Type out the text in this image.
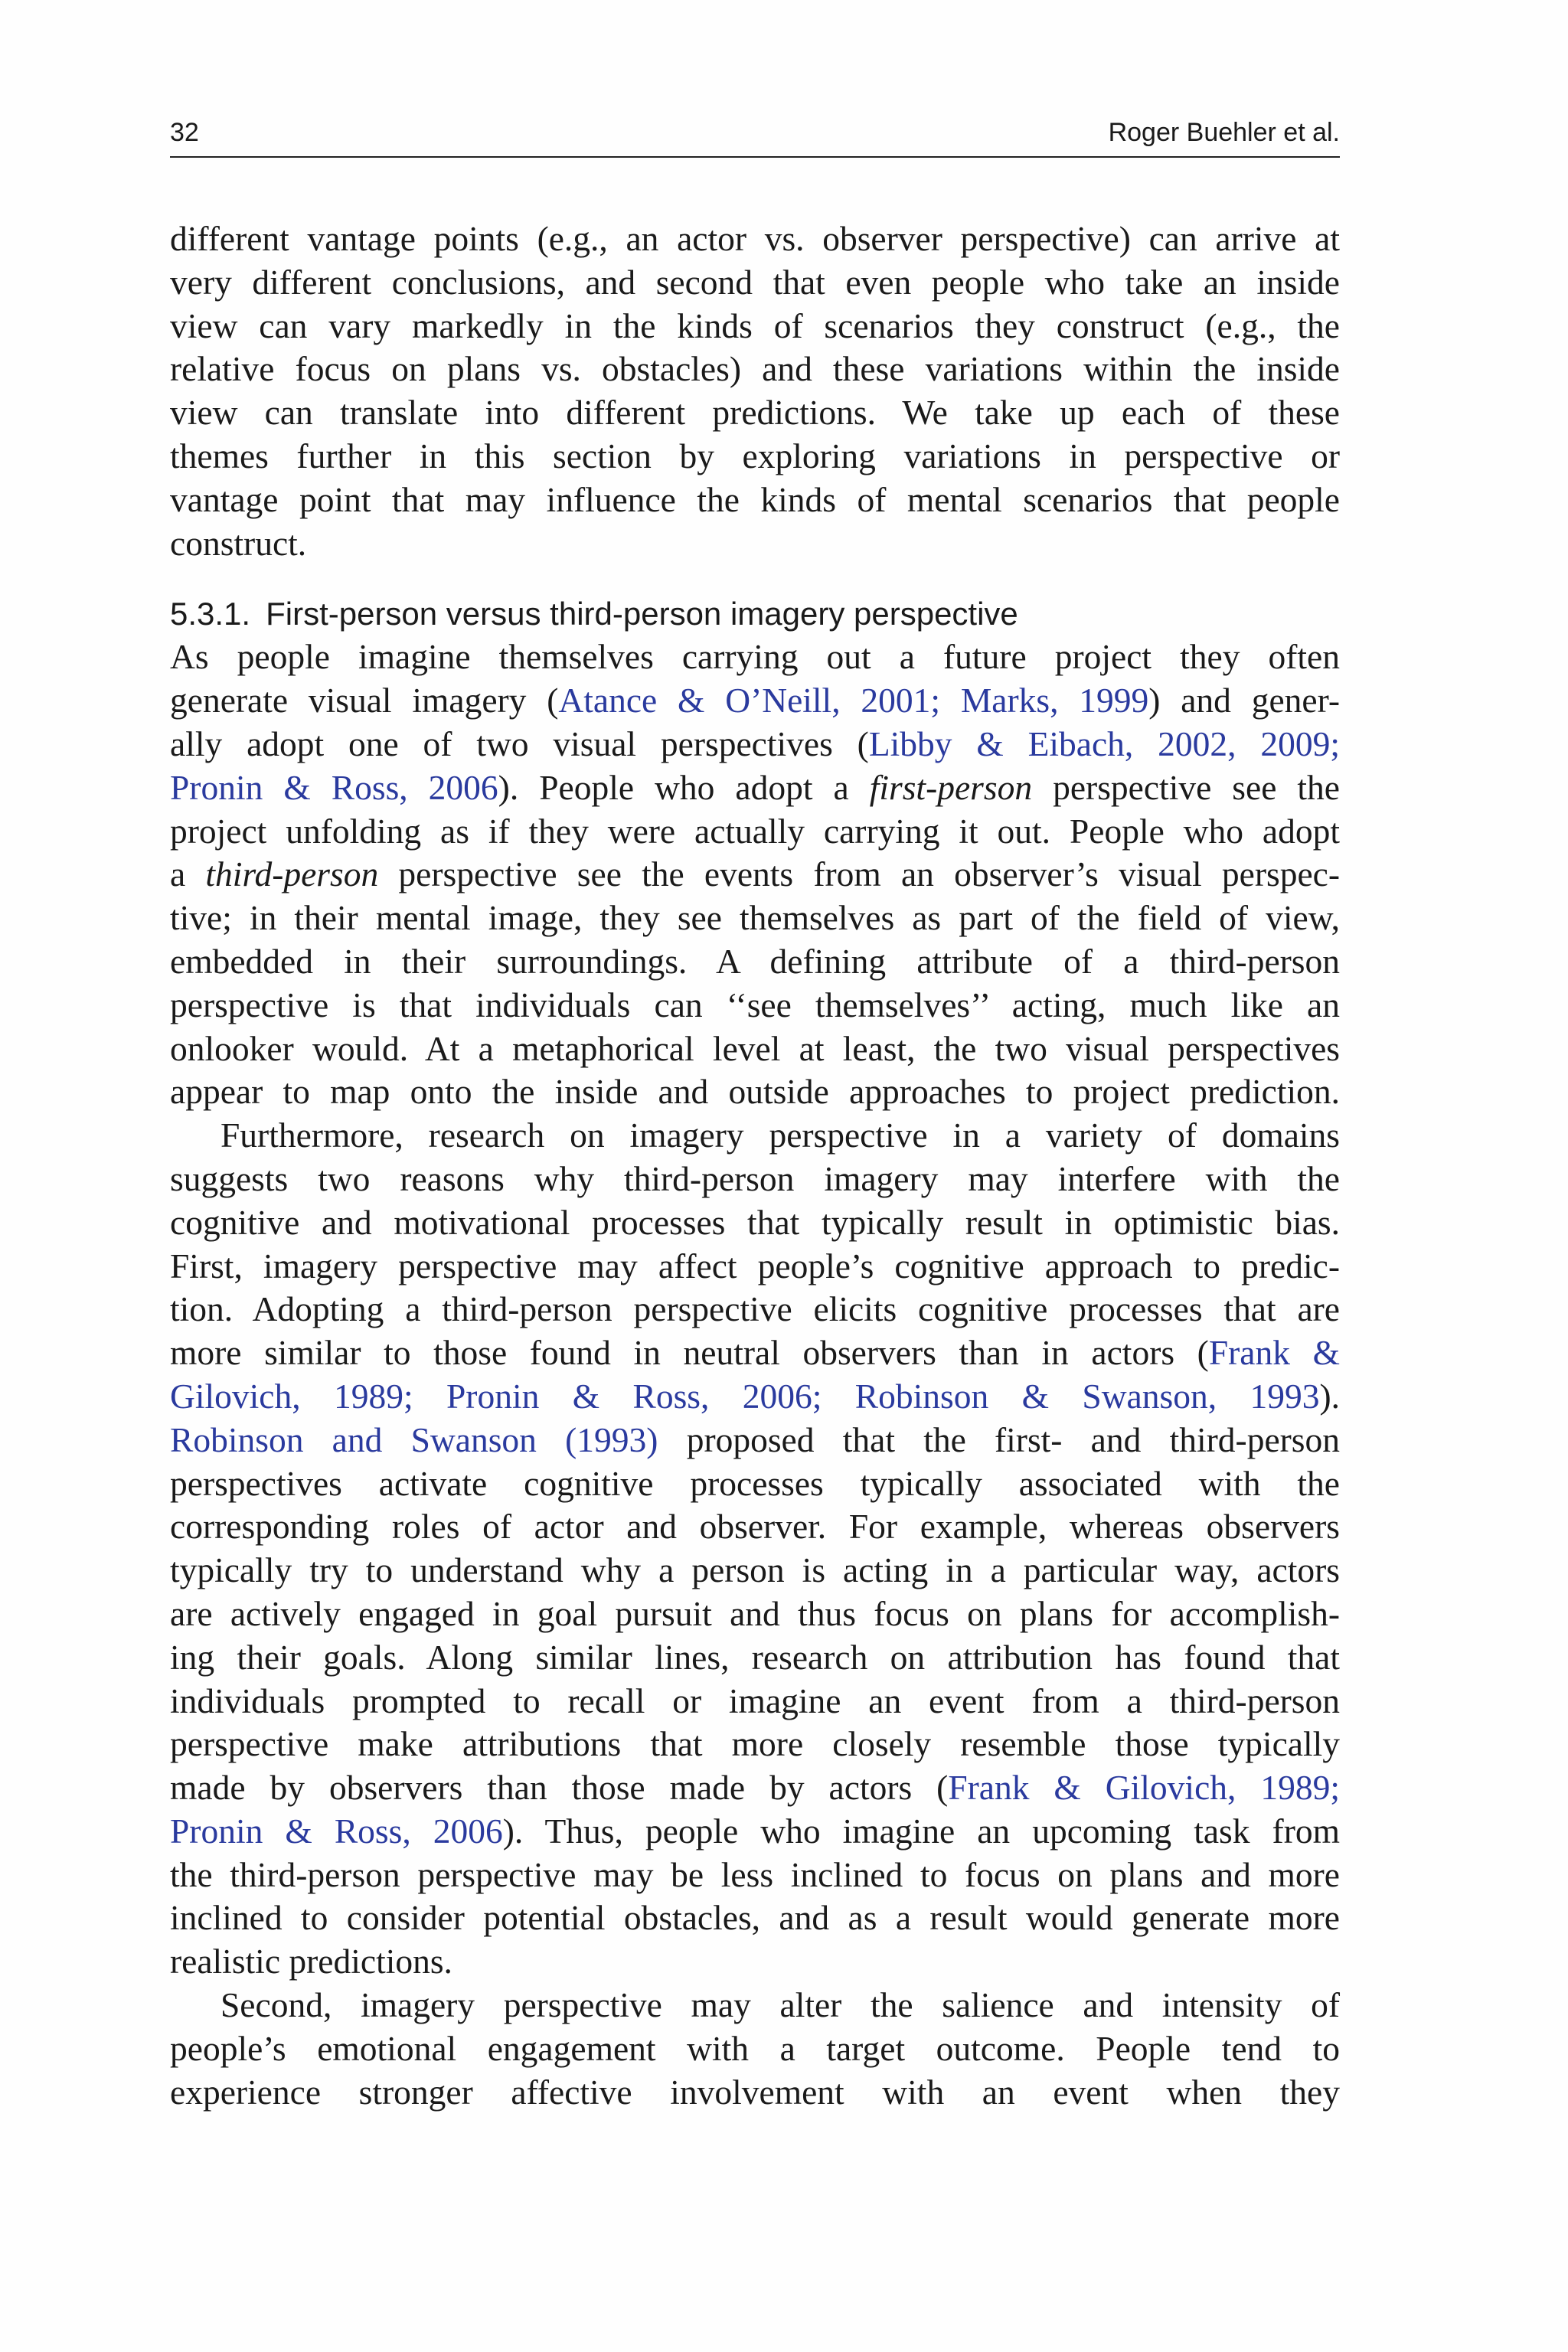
32	Roger Buehler et al.
different vantage points (e.g., an actor vs. observer perspective) can arrive at
very different conclusions, and second that even people who take an inside
view can vary markedly in the kinds of scenarios they construct (e.g., the
relative focus on plans vs. obstacles) and these variations within the inside
view can translate into different predictions. We take up each of these
themes further in this section by exploring variations in perspective or
vantage point that may influence the kinds of mental scenarios that people
construct.
5.3.1. First-person versus third-person imagery perspective
As people imagine themselves carrying out a future project they often
generate visual imagery (Atance & O’Neill, 2001; Marks, 1999) and gener-
ally adopt one of two visual perspectives (Libby & Eibach, 2002, 2009;
Pronin & Ross, 2006). People who adopt a first-person perspective see the
project unfolding as if they were actually carrying it out. People who adopt
a third-person perspective see the events from an observer’s visual perspec-
tive; in their mental image, they see themselves as part of the field of view,
embedded in their surroundings. A defining attribute of a third-person
perspective is that individuals can ‘‘see themselves’’ acting, much like an
onlooker would. At a metaphorical level at least, the two visual perspectives
appear to map onto the inside and outside approaches to project prediction.
Furthermore, research on imagery perspective in a variety of domains
suggests two reasons why third-person imagery may interfere with the
cognitive and motivational processes that typically result in optimistic bias.
First, imagery perspective may affect people’s cognitive approach to predic-
tion. Adopting a third-person perspective elicits cognitive processes that are
more similar to those found in neutral observers than in actors (Frank &
Gilovich, 1989; Pronin & Ross, 2006; Robinson & Swanson, 1993).
Robinson and Swanson (1993) proposed that the first- and third-person
perspectives activate cognitive processes typically associated with the
corresponding roles of actor and observer. For example, whereas observers
typically try to understand why a person is acting in a particular way, actors
are actively engaged in goal pursuit and thus focus on plans for accomplish-
ing their goals. Along similar lines, research on attribution has found that
individuals prompted to recall or imagine an event from a third-person
perspective make attributions that more closely resemble those typically
made by observers than those made by actors (Frank & Gilovich, 1989;
Pronin & Ross, 2006). Thus, people who imagine an upcoming task from
the third-person perspective may be less inclined to focus on plans and more
inclined to consider potential obstacles, and as a result would generate more
realistic predictions.
Second, imagery perspective may alter the salience and intensity of
people’s emotional engagement with a target outcome. People tend to
experience stronger affective involvement with an event when they
